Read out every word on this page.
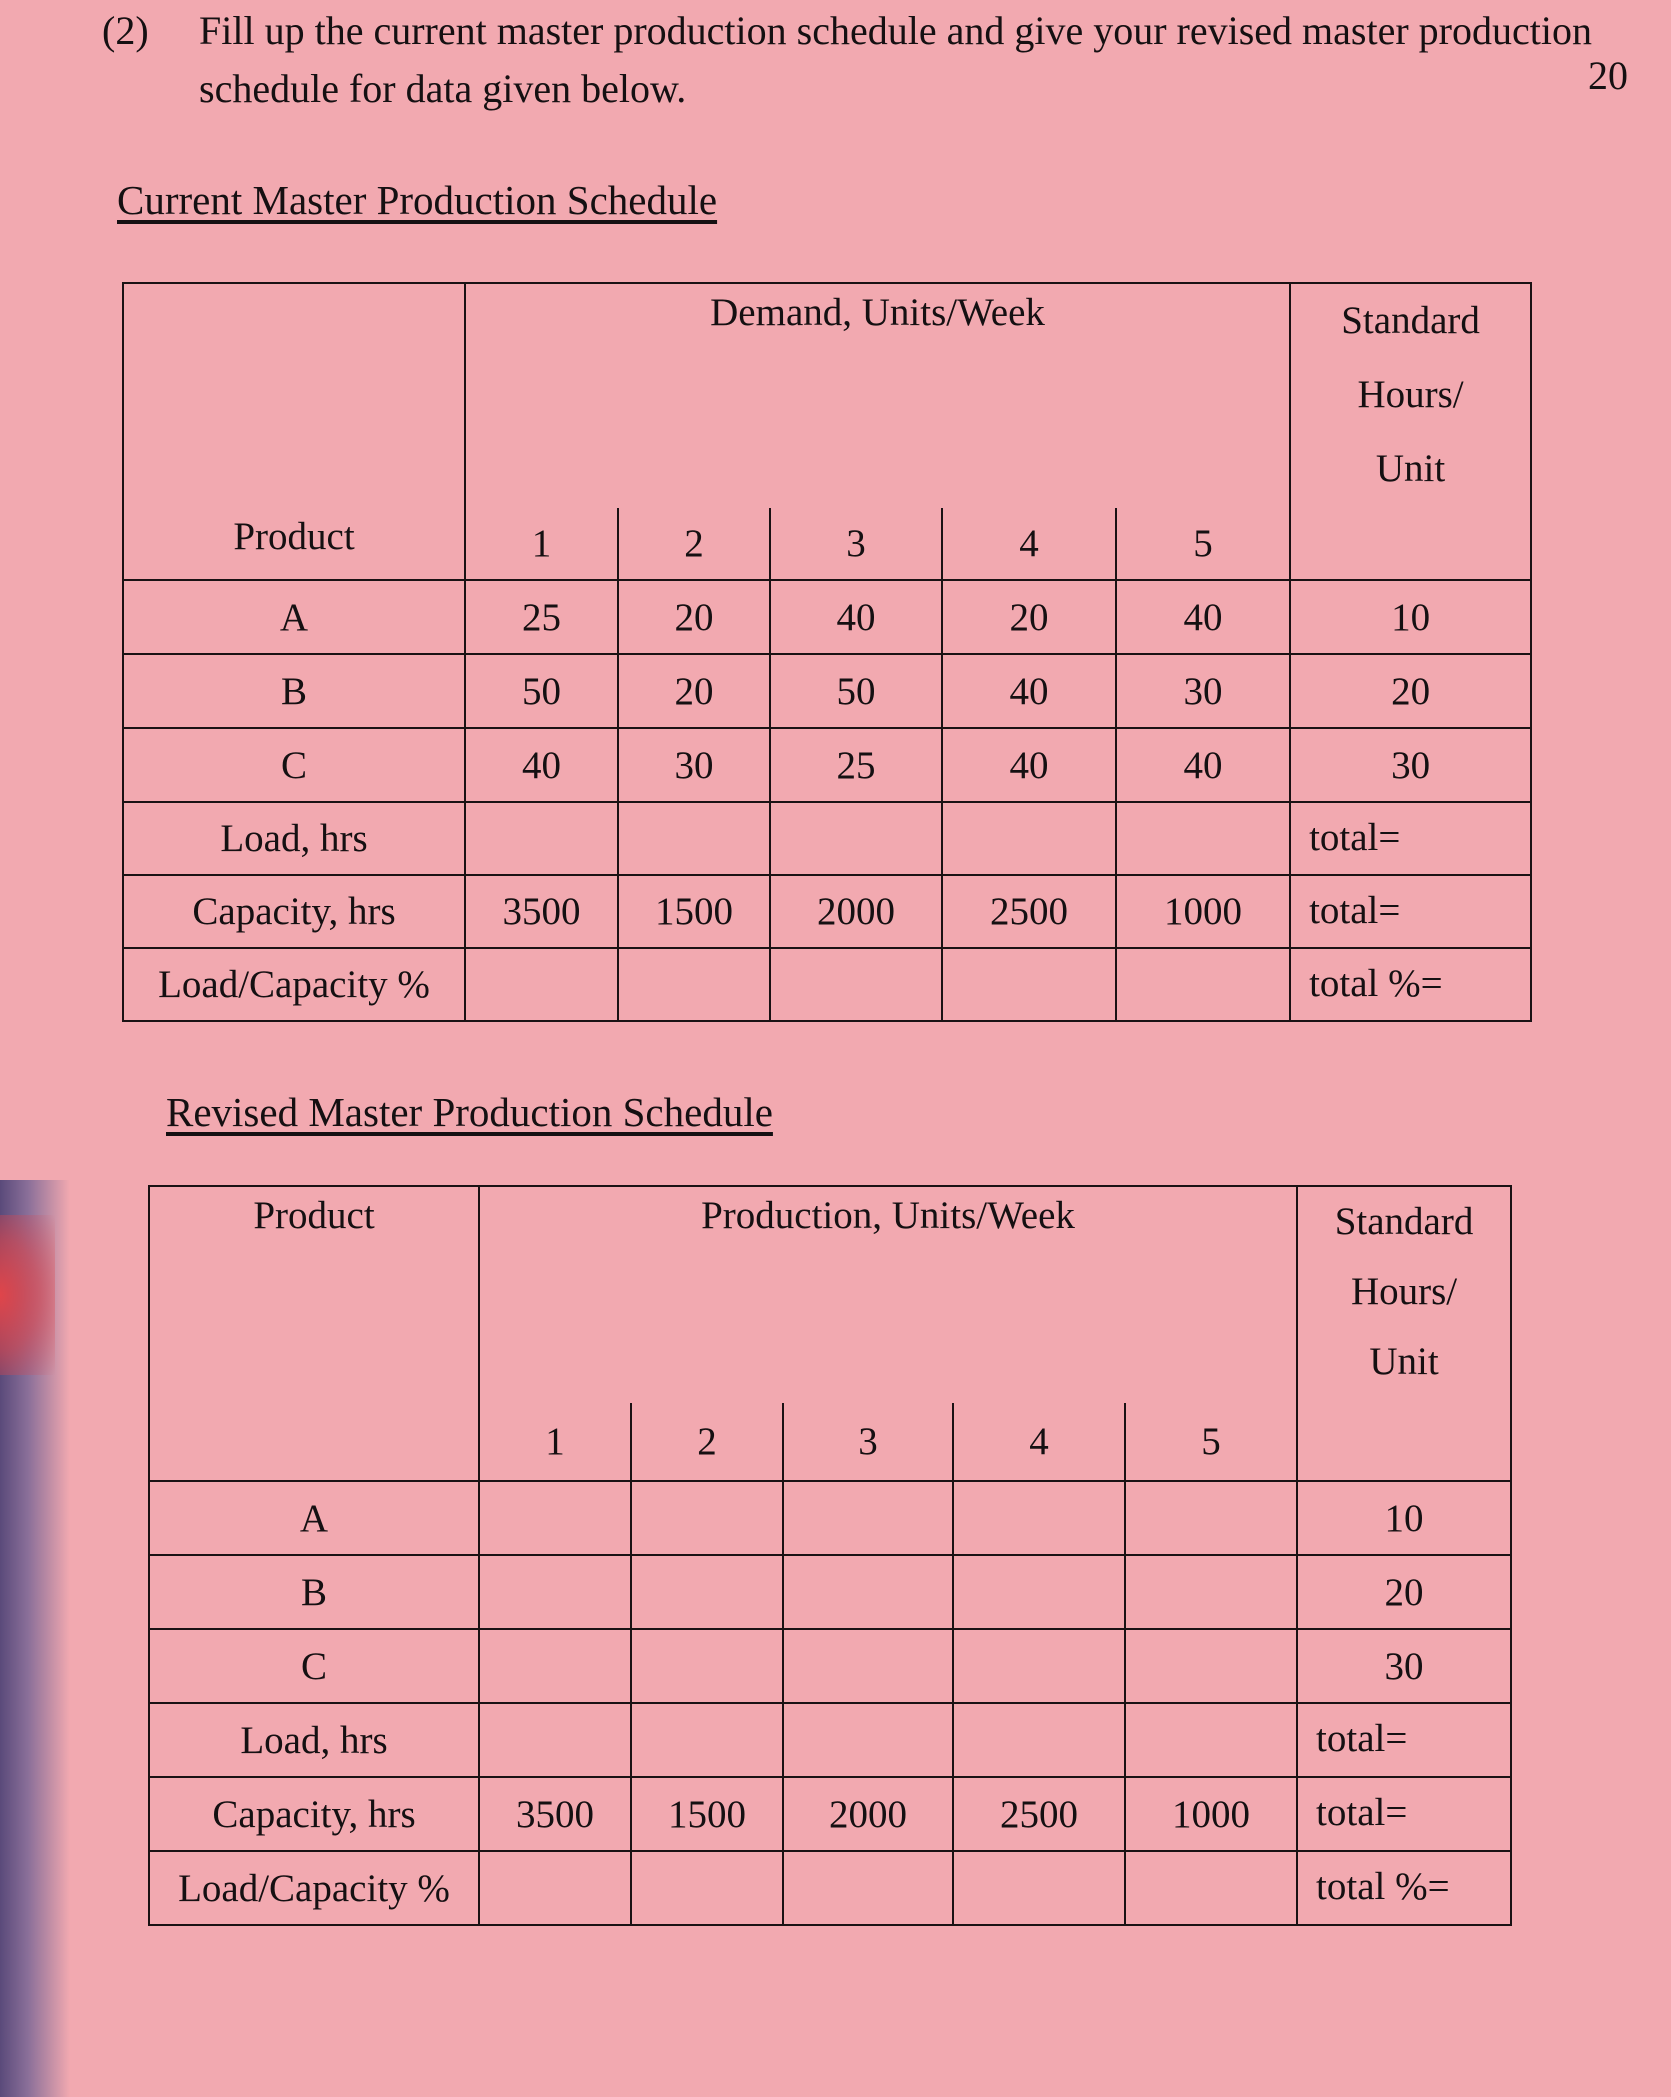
(2) Fill up the current master production schedule and give your revised master production schedule for data given below.	20
Current Master Production Schedule
Product	Demand, Units/Week					Standard
Hours/
Unit

	1	2	3	4	5	
A	25	20	40	20	40	10
B	50	20	50	40	30	20
C	40	30	25	40	40	30
Load, hrs						total=
Capacity, hrs	3500	1500	2000	2500	1000	total=
Load/Capacity %						total %=
Revised Master Production Schedule
Product	Production, Units/Week					Standard
Hours/
Unit

	1	2	3	4	5	
A						10
B						20
C						30
Load, hrs						total=
Capacity, hrs	3500	1500	2000	2500	1000	total=
Load/Capacity %						total %=
